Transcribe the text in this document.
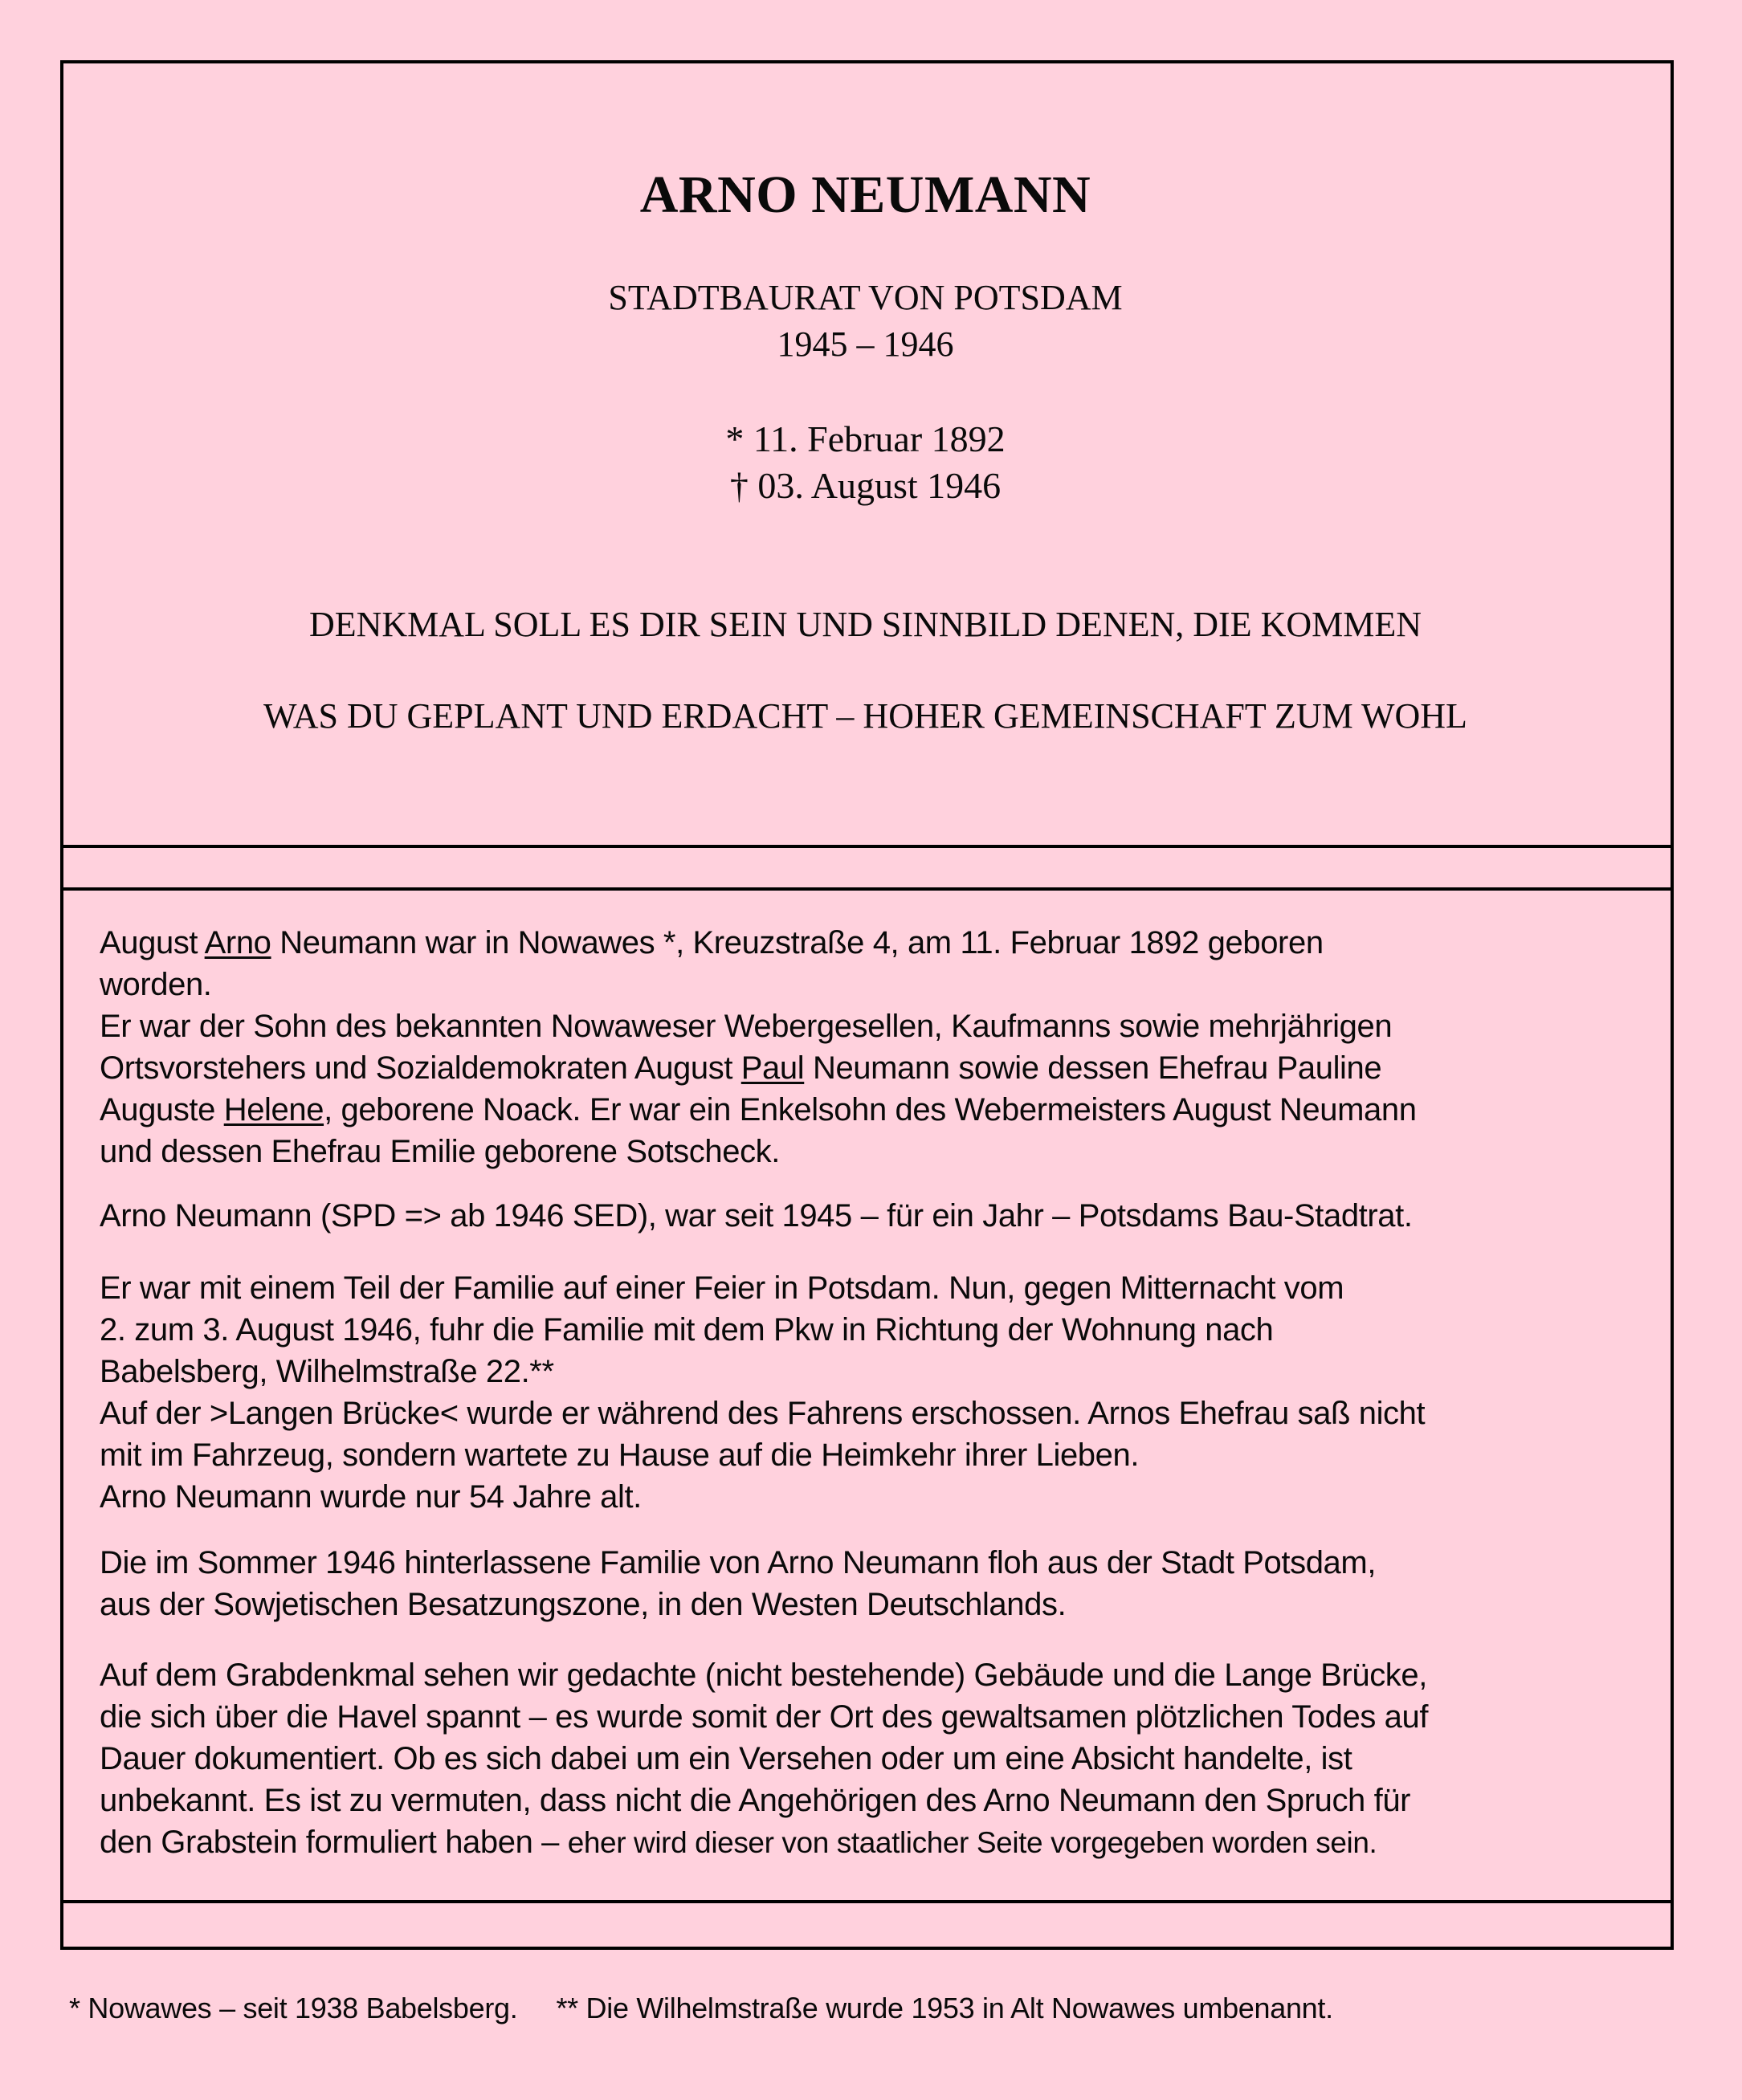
ARNO NEUMANN
STADTBAURAT VON POTSDAM
1945 – 1946
* 11. Februar 1892
† 03. August 1946
DENKMAL SOLL ES DIR SEIN UND SINNBILD DENEN, DIE KOMMEN
WAS DU GEPLANT UND ERDACHT – HOHER GEMEINSCHAFT ZUM WOHL
August Arno Neumann war in Nowawes *, Kreuzstraße 4, am 11. Februar 1892 geboren
worden.
Er war der Sohn des bekannten Nowaweser Webergesellen, Kaufmanns sowie mehrjährigen
Ortsvorstehers und Sozialdemokraten August Paul Neumann sowie dessen Ehefrau Pauline
Auguste Helene, geborene Noack. Er war ein Enkelsohn des Webermeisters August Neumann
und dessen Ehefrau Emilie geborene Sotscheck.
Arno Neumann (SPD => ab 1946 SED), war seit 1945 – für ein Jahr – Potsdams Bau-Stadtrat.
Er war mit einem Teil der Familie auf einer Feier in Potsdam. Nun, gegen Mitternacht vom
2. zum 3. August 1946, fuhr die Familie mit dem Pkw in Richtung der Wohnung nach
Babelsberg, Wilhelmstraße 22.**
Auf der >Langen Brücke< wurde er während des Fahrens erschossen. Arnos Ehefrau saß nicht
mit im Fahrzeug, sondern wartete zu Hause auf die Heimkehr ihrer Lieben.
Arno Neumann wurde nur 54 Jahre alt.
Die im Sommer 1946 hinterlassene Familie von Arno Neumann floh aus der Stadt Potsdam,
aus der Sowjetischen Besatzungszone, in den Westen Deutschlands.
Auf dem Grabdenkmal sehen wir gedachte (nicht bestehende) Gebäude und die Lange Brücke,
die sich über die Havel spannt – es wurde somit der Ort des gewaltsamen plötzlichen Todes auf
Dauer dokumentiert. Ob es sich dabei um ein Versehen oder um eine Absicht handelte, ist
unbekannt. Es ist zu vermuten, dass nicht die Angehörigen des Arno Neumann den Spruch für
den Grabstein formuliert haben – eher wird dieser von staatlicher Seite vorgegeben worden sein.
* Nowawes – seit 1938 Babelsberg. ** Die Wilhelmstraße wurde 1953 in Alt Nowawes umbenannt.
